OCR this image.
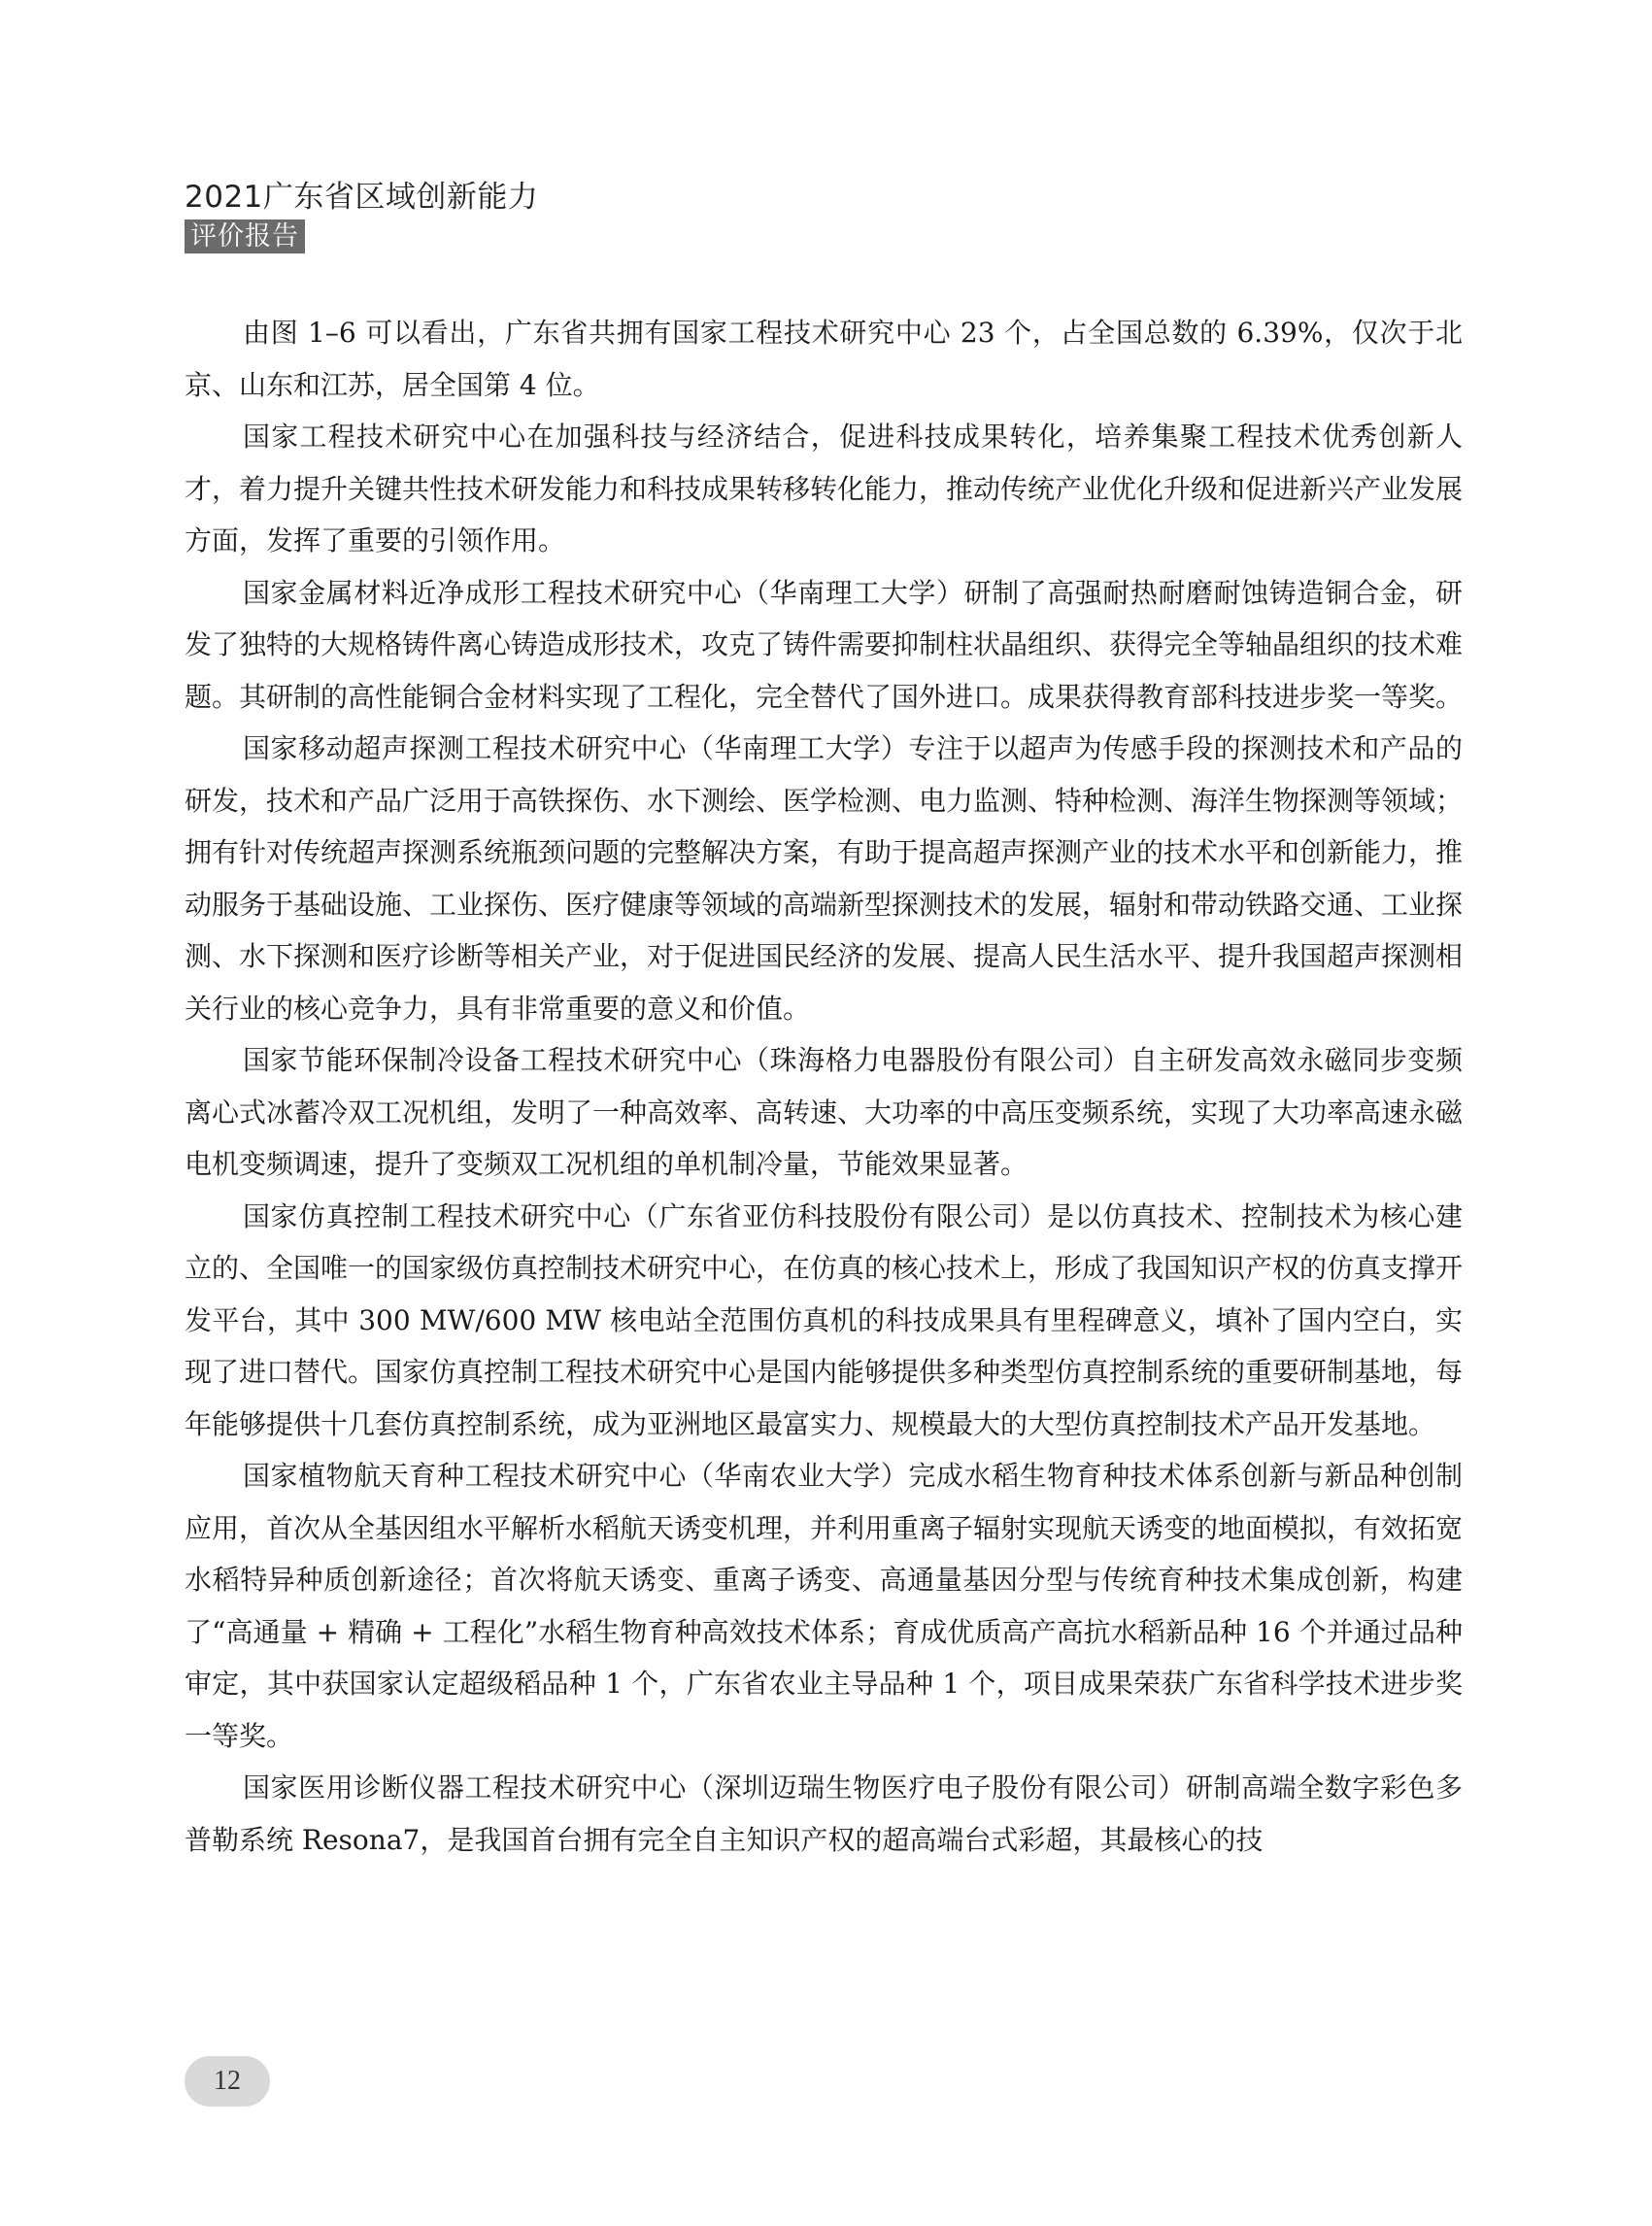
2021广东省区域创新能力
评价报告

由图 1–6 可以看出，广东省共拥有国家工程技术研究中心 23 个，占全国总数的 6.39%，仅次于北京、山东和江苏，居全国第 4 位。

国家工程技术研究中心在加强科技与经济结合，促进科技成果转化，培养集聚工程技术优秀创新人才，着力提升关键共性技术研发能力和科技成果转移转化能力，推动传统产业优化升级和促进新兴产业发展方面，发挥了重要的引领作用。

国家金属材料近净成形工程技术研究中心（华南理工大学）研制了高强耐热耐磨耐蚀铸造铜合金，研发了独特的大规格铸件离心铸造成形技术，攻克了铸件需要抑制柱状晶组织、获得完全等轴晶组织的技术难题。其研制的高性能铜合金材料实现了工程化，完全替代了国外进口。成果获得教育部科技进步奖一等奖。

国家移动超声探测工程技术研究中心（华南理工大学）专注于以超声为传感手段的探测技术和产品的研发，技术和产品广泛用于高铁探伤、水下测绘、医学检测、电力监测、特种检测、海洋生物探测等领域；拥有针对传统超声探测系统瓶颈问题的完整解决方案，有助于提高超声探测产业的技术水平和创新能力，推动服务于基础设施、工业探伤、医疗健康等领域的高端新型探测技术的发展，辐射和带动铁路交通、工业探测、水下探测和医疗诊断等相关产业，对于促进国民经济的发展、提高人民生活水平、提升我国超声探测相关行业的核心竞争力，具有非常重要的意义和价值。

国家节能环保制冷设备工程技术研究中心（珠海格力电器股份有限公司）自主研发高效永磁同步变频离心式冰蓄冷双工况机组，发明了一种高效率、高转速、大功率的中高压变频系统，实现了大功率高速永磁电机变频调速，提升了变频双工况机组的单机制冷量，节能效果显著。

国家仿真控制工程技术研究中心（广东省亚仿科技股份有限公司）是以仿真技术、控制技术为核心建立的、全国唯一的国家级仿真控制技术研究中心，在仿真的核心技术上，形成了我国知识产权的仿真支撑开发平台，其中 300 MW/600 MW 核电站全范围仿真机的科技成果具有里程碑意义，填补了国内空白，实现了进口替代。国家仿真控制工程技术研究中心是国内能够提供多种类型仿真控制系统的重要研制基地，每年能够提供十几套仿真控制系统，成为亚洲地区最富实力、规模最大的大型仿真控制技术产品开发基地。

国家植物航天育种工程技术研究中心（华南农业大学）完成水稻生物育种技术体系创新与新品种创制应用，首次从全基因组水平解析水稻航天诱变机理，并利用重离子辐射实现航天诱变的地面模拟，有效拓宽水稻特异种质创新途径；首次将航天诱变、重离子诱变、高通量基因分型与传统育种技术集成创新，构建了“高通量 + 精确 + 工程化”水稻生物育种高效技术体系；育成优质高产高抗水稻新品种 16 个并通过品种审定，其中获国家认定超级稻品种 1 个，广东省农业主导品种 1 个，项目成果荣获广东省科学技术进步奖一等奖。

国家医用诊断仪器工程技术研究中心（深圳迈瑞生物医疗电子股份有限公司）研制高端全数字彩色多普勒系统 Resona7，是我国首台拥有完全自主知识产权的超高端台式彩超，其最核心的技

12
